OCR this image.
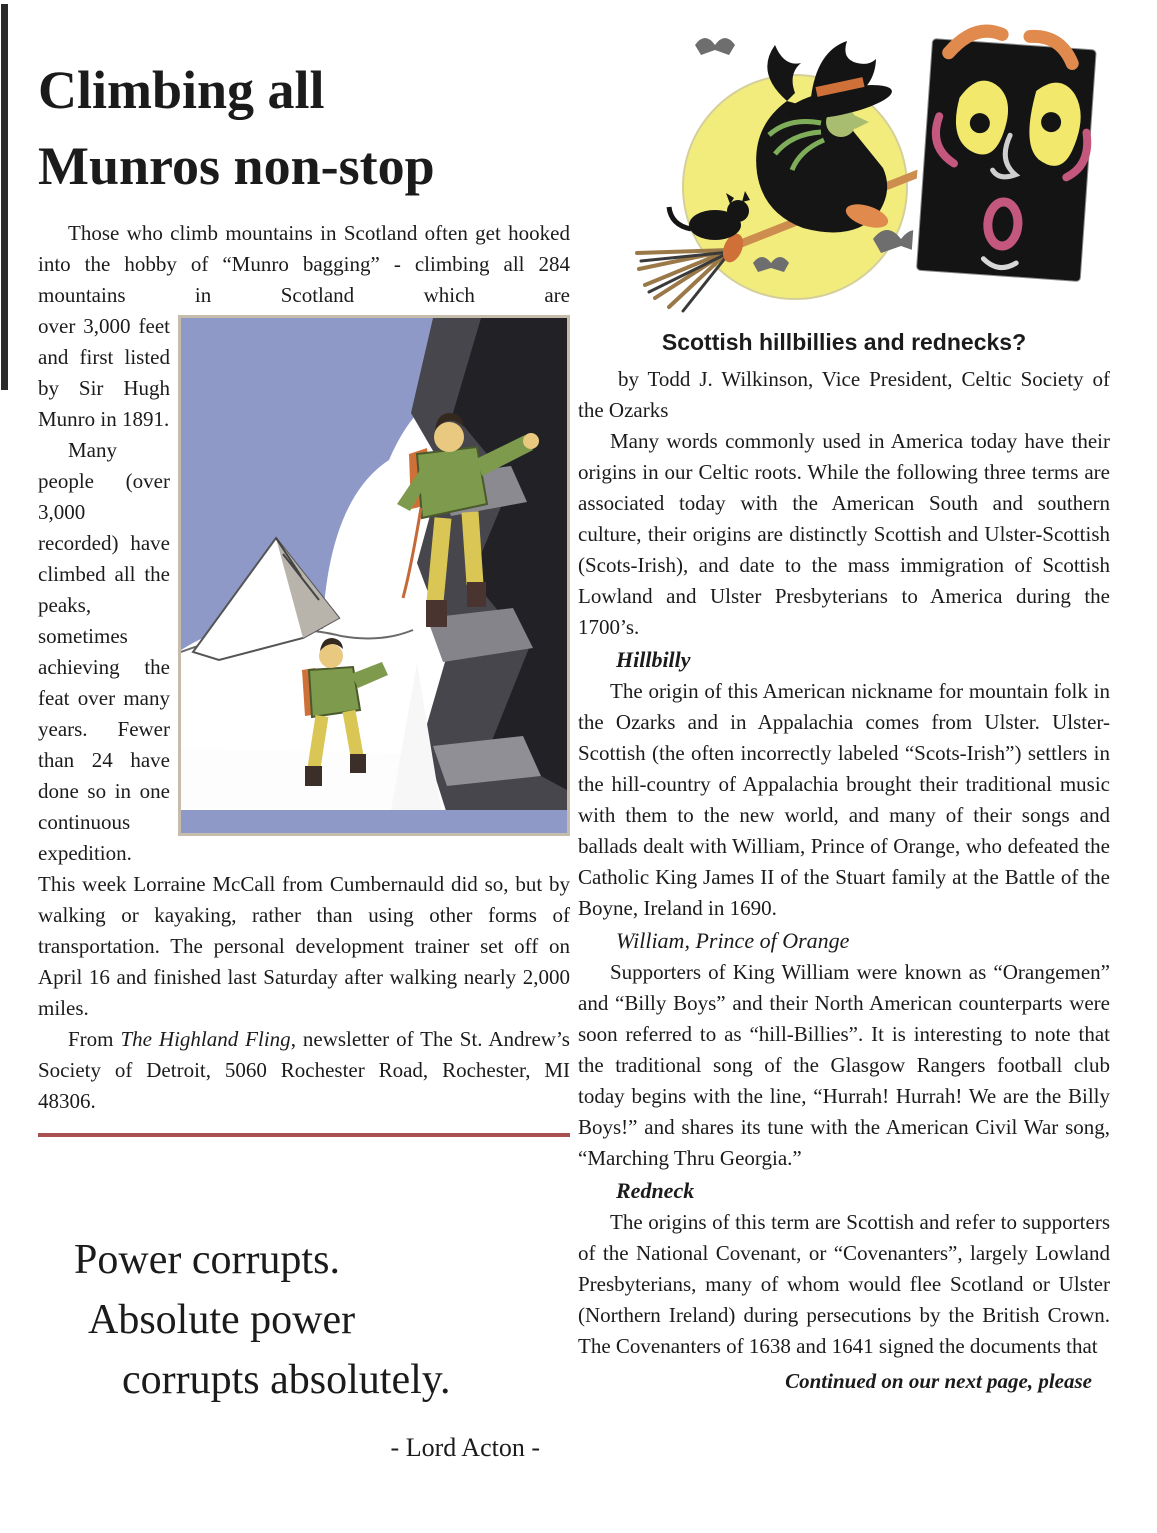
Climbing all
Munros non-stop

Those who climb mountains in Scotland often get hooked into the hobby of “Munro bagging” - climbing all 284 mountains in Scotland which are

over 3,000 feet and first listed by Sir Hugh Munro in 1891.

Many people (over 3,000 recorded) have climbed all the peaks, sometimes achieving the feat over many years. Fewer than 24 have done so in one continuous expedition. This week Lorraine McCall from Cumbernauld did so, but by walking or kayaking, rather than using other forms of transportation. The personal development trainer set off on April 16 and finished last Saturday after walking nearly 2,000 miles.

From The Highland Fling, newsletter of The St. Andrew’s Society of Detroit, 5060 Rochester Road, Rochester, MI 48306.

Power corrupts.
Absolute power
corrupts absolutely.
- Lord Acton -
Scottish hillbillies and rednecks?

by Todd J. Wilkinson, Vice President, Celtic Society of the Ozarks

Many words commonly used in America today have their origins in our Celtic roots. While the following three terms are associated today with the American South and southern culture, their origins are distinctly Scottish and Ulster-Scottish (Scots-Irish), and date to the mass immigration of Scottish Lowland and Ulster Presbyterians to America during the 1700’s.

Hillbilly

The origin of this American nickname for mountain folk in the Ozarks and in Appalachia comes from Ulster. Ulster-Scottish (the often incorrectly labeled “Scots-Irish”) settlers in the hill-country of Appalachia brought their traditional music with them to the new world, and many of their songs and ballads dealt with William, Prince of Orange, who defeated the Catholic King James II of the Stuart family at the Battle of the Boyne, Ireland in 1690.

William, Prince of Orange

Supporters of King William were known as “Orangemen” and “Billy Boys” and their North American counterparts were soon referred to as “hill-Billies”. It is interesting to note that the traditional song of the Glasgow Rangers football club today begins with the line, “Hurrah! Hurrah! We are the Billy Boys!” and shares its tune with the American Civil War song, “Marching Thru Georgia.”

Redneck

The origins of this term are Scottish and refer to supporters of the National Covenant, or “Covenanters”, largely Lowland Presbyterians, many of whom would flee Scotland or Ulster (Northern Ireland) during persecutions by the British Crown. The Covenanters of 1638 and 1641 signed the documents that

Continued on our next page, please
